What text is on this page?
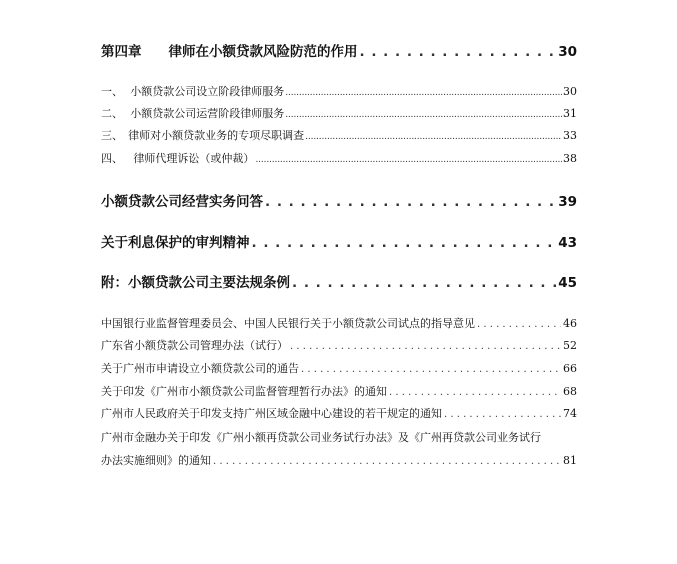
第四章　　律师在小额贷款风险防范的作用 . . .	30
一、 小额贷款公司设立阶段律师服务 . . .	30
二、 小额贷款公司运营阶段律师服务 . . .	31
三、 律师对小额贷款业务的专项尽职调查 . . .	33
四、 律师代理诉讼（或仲裁） . . .	38
小额贷款公司经营实务问答 . . .	39
关于利息保护的审判精神 . . .	43
附：小额贷款公司主要法规条例 . . .	45
中国银行业监督管理委员会、中国人民银行关于小额贷款公司试点的指导意见 . . .	46
广东省小额贷款公司管理办法（试行） . . .	52
关于广州市申请设立小额贷款公司的通告 . . .	66
关于印发《广州市小额贷款公司监督管理暂行办法》的通知 . . .	68
广州市人民政府关于印发支持广州区域金融中心建设的若干规定的通知 . . .	74
广州市金融办关于印发《广州小额再贷款公司业务试行办法》及《广州再贷款公司业务试行
办法实施细则》的通知 . . .	81
